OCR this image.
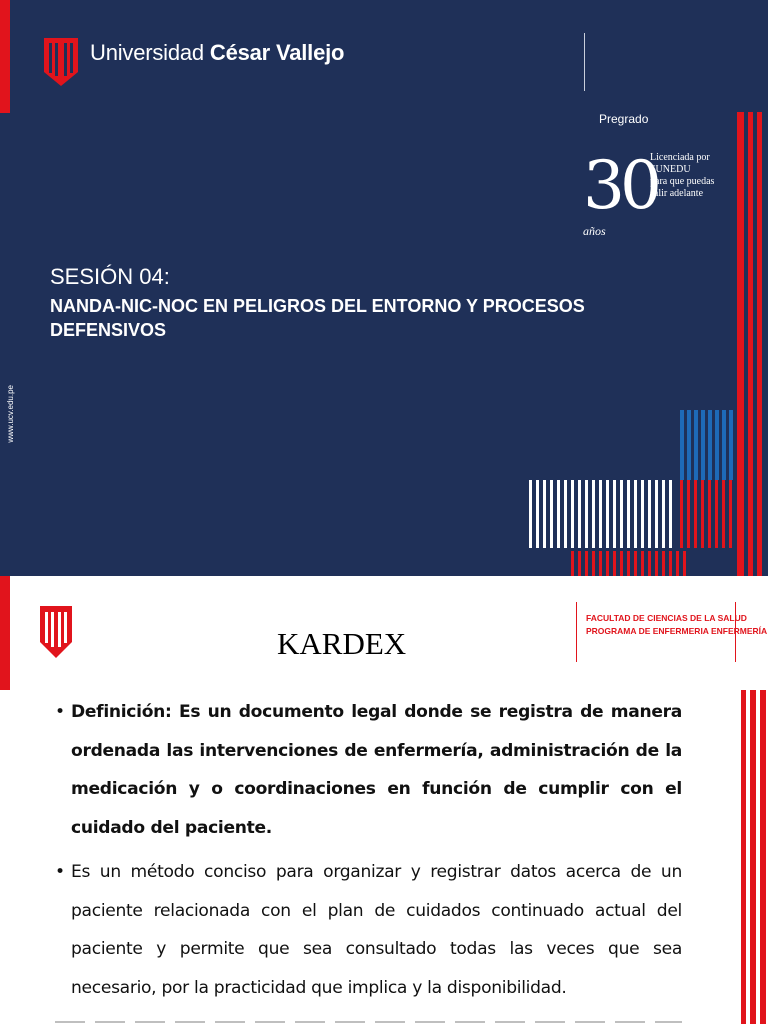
Universidad César Vallejo
Pregrado
30
años
Licenciada por
SUNEDU
para que puedas
salir adelante
SESIÓN 04:
NANDA-NIC-NOC EN PELIGROS DEL ENTORNO Y PROCESOS DEFENSIVOS
www.ucv.edu.pe
KARDEX
FACULTAD DE CIENCIAS DE LA SALUD
PROGRAMA DE ENFERMERIA ENFERMERÍA
• Definición: Es un documento legal donde se registra de manera ordenada las intervenciones de enfermería, administración de la medicación y o coordinaciones en función de cumplir con el cuidado del paciente.
• Es un método conciso para organizar y registrar datos acerca de un paciente relacionada con el plan de cuidados continuado actual del paciente y permite que sea consultado todas las veces que sea necesario, por la practicidad que implica y la disponibilidad.
